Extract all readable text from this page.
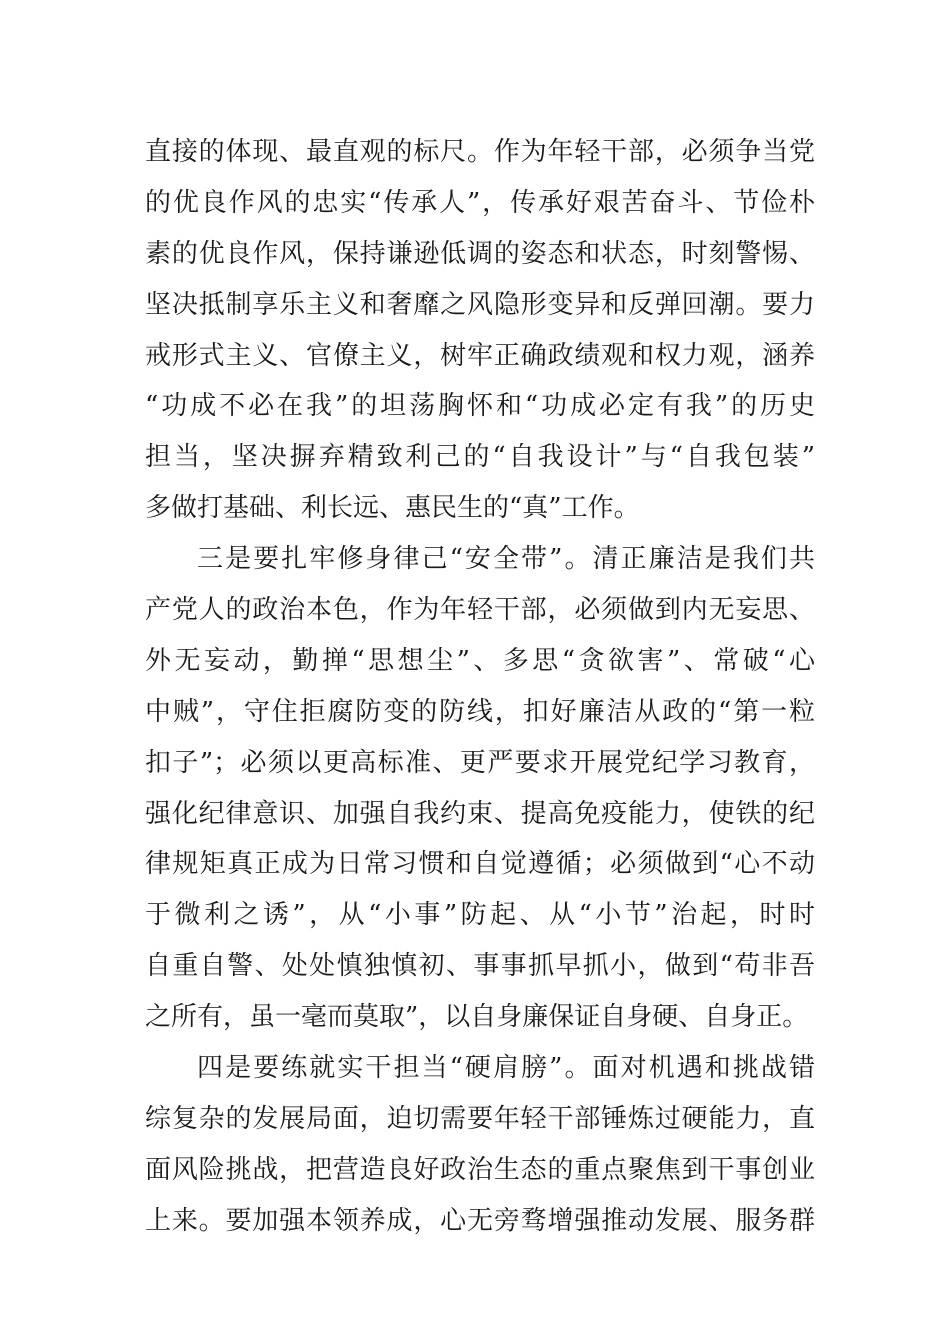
直接的体现、最直观的标尺。作为年轻干部，必须争当党
的优良作风的忠实“传承人”，传承好艰苦奋斗、节俭朴
素的优良作风，保持谦逊低调的姿态和状态，时刻警惕、
坚决抵制享乐主义和奢靡之风隐形变异和反弹回潮。要力
戒形式主义、官僚主义，树牢正确政绩观和权力观，涵养
“功成不必在我”的坦荡胸怀和“功成必定有我”的历史
担当，坚决摒弃精致利己的“自我设计”与“自我包装”
多做打基础、利长远、惠民生的“真”工作。
三是要扎牢修身律己“安全带”。清正廉洁是我们共
产党人的政治本色，作为年轻干部，必须做到内无妄思、
外无妄动，勤掸“思想尘”、多思“贪欲害”、常破“心
中贼”，守住拒腐防变的防线，扣好廉洁从政的“第一粒
扣子”；必须以更高标准、更严要求开展党纪学习教育，
强化纪律意识、加强自我约束、提高免疫能力，使铁的纪
律规矩真正成为日常习惯和自觉遵循；必须做到“心不动
于微利之诱”，从“小事”防起、从“小节”治起，时时
自重自警、处处慎独慎初、事事抓早抓小，做到“苟非吾
之所有，虽一毫而莫取”，以自身廉保证自身硬、自身正。
四是要练就实干担当“硬肩膀”。面对机遇和挑战错
综复杂的发展局面，迫切需要年轻干部锤炼过硬能力，直
面风险挑战，把营造良好政治生态的重点聚焦到干事创业
上来。要加强本领养成，心无旁骛增强推动发展、服务群
